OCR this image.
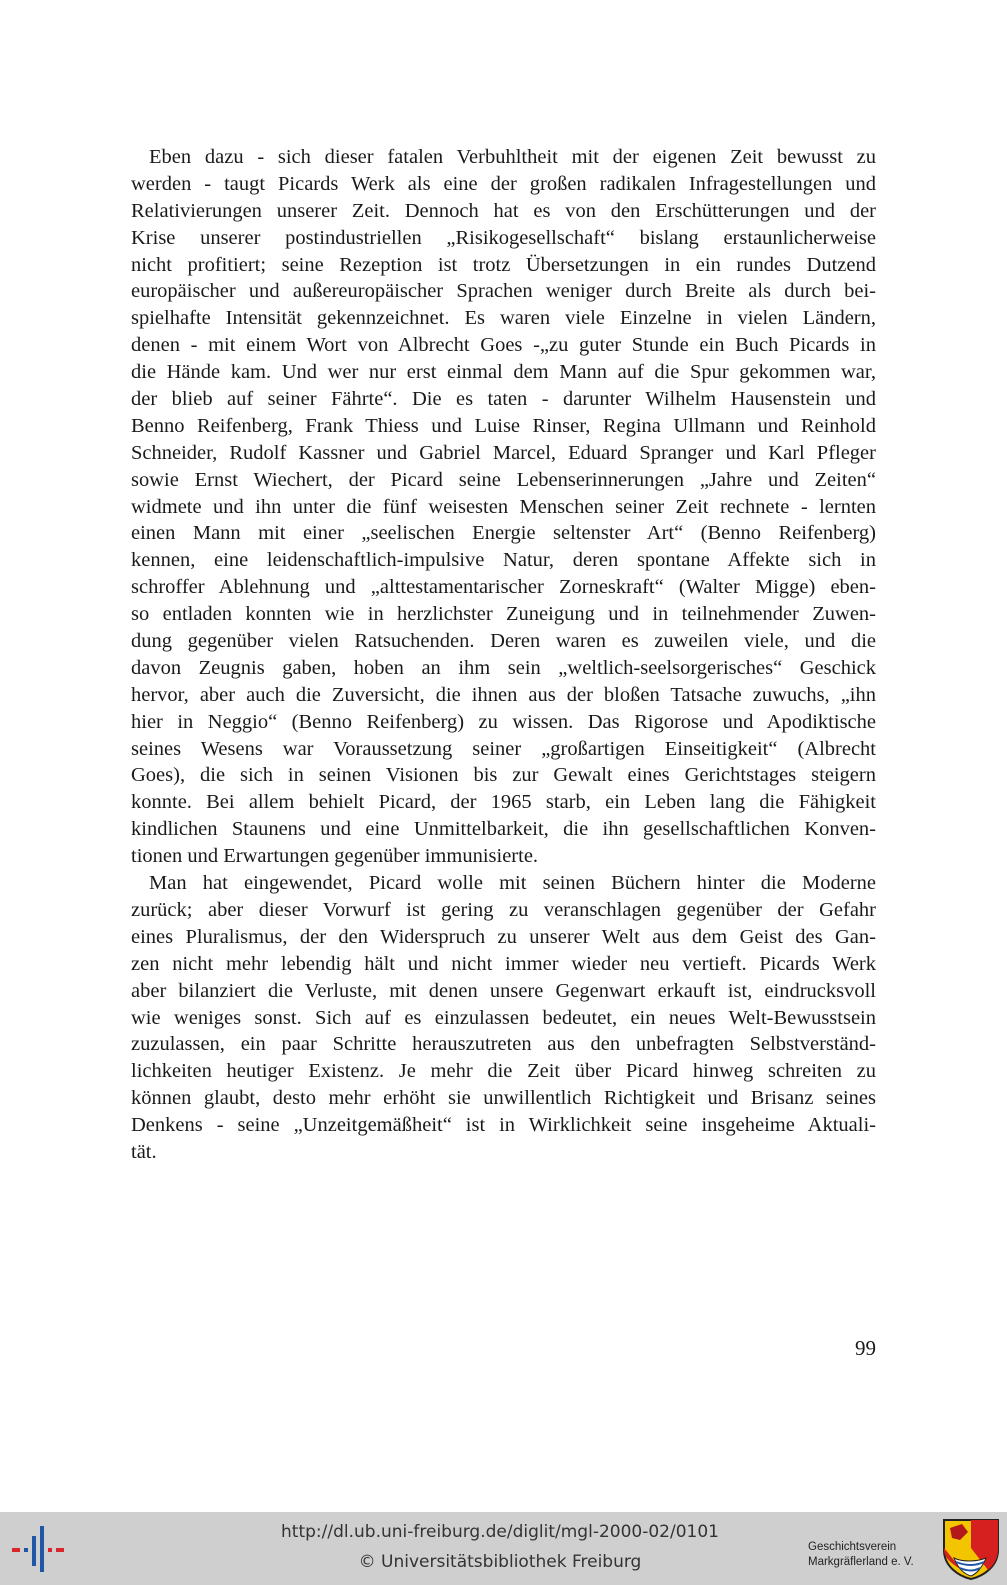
Eben dazu - sich dieser fatalen Verbuhltheit mit der eigenen Zeit bewusst zu
werden - taugt Picards Werk als eine der großen radikalen Infragestellungen und
Relativierungen unserer Zeit. Dennoch hat es von den Erschütterungen und der
Krise unserer postindustriellen „Risikogesellschaft“ bislang erstaunlicherweise
nicht profitiert; seine Rezeption ist trotz Übersetzungen in ein rundes Dutzend
europäischer und außereuropäischer Sprachen weniger durch Breite als durch bei-
spielhafte Intensität gekennzeichnet. Es waren viele Einzelne in vielen Ländern,
denen - mit einem Wort von Albrecht Goes -„zu guter Stunde ein Buch Picards in
die Hände kam. Und wer nur erst einmal dem Mann auf die Spur gekommen war,
der blieb auf seiner Fährte“. Die es taten - darunter Wilhelm Hausenstein und
Benno Reifenberg, Frank Thiess und Luise Rinser, Regina Ullmann und Reinhold
Schneider, Rudolf Kassner und Gabriel Marcel, Eduard Spranger und Karl Pfleger
sowie Ernst Wiechert, der Picard seine Lebenserinnerungen „Jahre und Zeiten“
widmete und ihn unter die fünf weisesten Menschen seiner Zeit rechnete - lernten
einen Mann mit einer „seelischen Energie seltenster Art“ (Benno Reifenberg)
kennen, eine leidenschaftlich-impulsive Natur, deren spontane Affekte sich in
schroffer Ablehnung und „alttestamentarischer Zorneskraft“ (Walter Migge) eben-
so entladen konnten wie in herzlichster Zuneigung und in teilnehmender Zuwen-
dung gegenüber vielen Ratsuchenden. Deren waren es zuweilen viele, und die
davon Zeugnis gaben, hoben an ihm sein „weltlich-seelsorgerisches“ Geschick
hervor, aber auch die Zuversicht, die ihnen aus der bloßen Tatsache zuwuchs, „ihn
hier in Neggio“ (Benno Reifenberg) zu wissen. Das Rigorose und Apodiktische
seines Wesens war Voraussetzung seiner „großartigen Einseitigkeit“ (Albrecht
Goes), die sich in seinen Visionen bis zur Gewalt eines Gerichtstages steigern
konnte. Bei allem behielt Picard, der 1965 starb, ein Leben lang die Fähigkeit
kindlichen Staunens und eine Unmittelbarkeit, die ihn gesellschaftlichen Konven-
tionen und Erwartungen gegenüber immunisierte.
Man hat eingewendet, Picard wolle mit seinen Büchern hinter die Moderne
zurück; aber dieser Vorwurf ist gering zu veranschlagen gegenüber der Gefahr
eines Pluralismus, der den Widerspruch zu unserer Welt aus dem Geist des Gan-
zen nicht mehr lebendig hält und nicht immer wieder neu vertieft. Picards Werk
aber bilanziert die Verluste, mit denen unsere Gegenwart erkauft ist, eindrucksvoll
wie weniges sonst. Sich auf es einzulassen bedeutet, ein neues Welt-Bewusstsein
zuzulassen, ein paar Schritte herauszutreten aus den unbefragten Selbstverständ-
lichkeiten heutiger Existenz. Je mehr die Zeit über Picard hinweg schreiten zu
können glaubt, desto mehr erhöht sie unwillentlich Richtigkeit und Brisanz seines
Denkens - seine „Unzeitgemäßheit“ ist in Wirklichkeit seine insgeheime Aktuali-
tät.
99
http://dl.ub.uni-freiburg.de/diglit/mgl-2000-02/0101
© Universitätsbibliothek Freiburg
Geschichtsverein
Markgräflerland e. V.
